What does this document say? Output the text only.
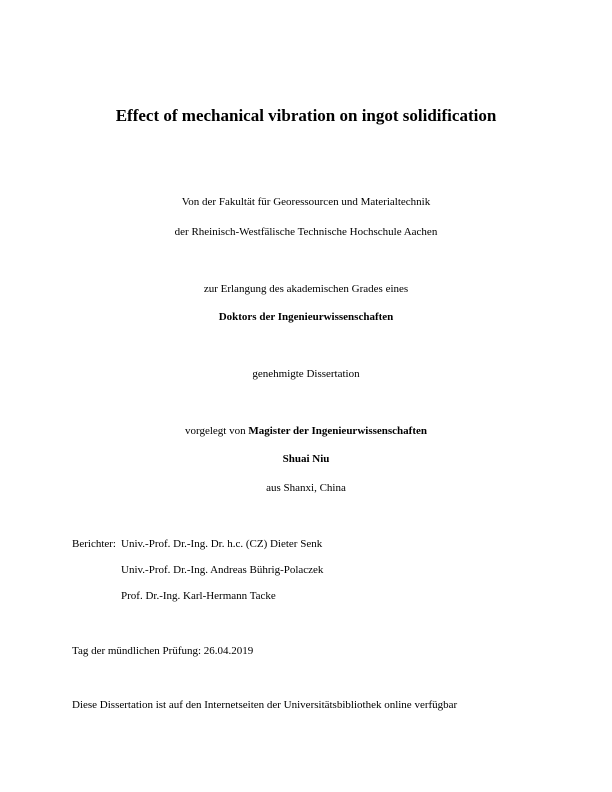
Effect of mechanical vibration on ingot solidification
Von der Fakultät für Georessourcen und Materialtechnik
der Rheinisch-Westfälische Technische Hochschule Aachen
zur Erlangung des akademischen Grades eines
Doktors der Ingenieurwissenschaften
genehmigte Dissertation
vorgelegt von Magister der Ingenieurwissenschaften
Shuai Niu
aus Shanxi, China
Berichter: Univ.-Prof. Dr.-Ing. Dr. h.c. (CZ) Dieter Senk
Univ.-Prof. Dr.-Ing. Andreas Bührig-Polaczek
Prof. Dr.-Ing. Karl-Hermann Tacke
Tag der mündlichen Prüfung: 26.04.2019
Diese Dissertation ist auf den Internetseiten der Universitätsbibliothek online verfügbar
